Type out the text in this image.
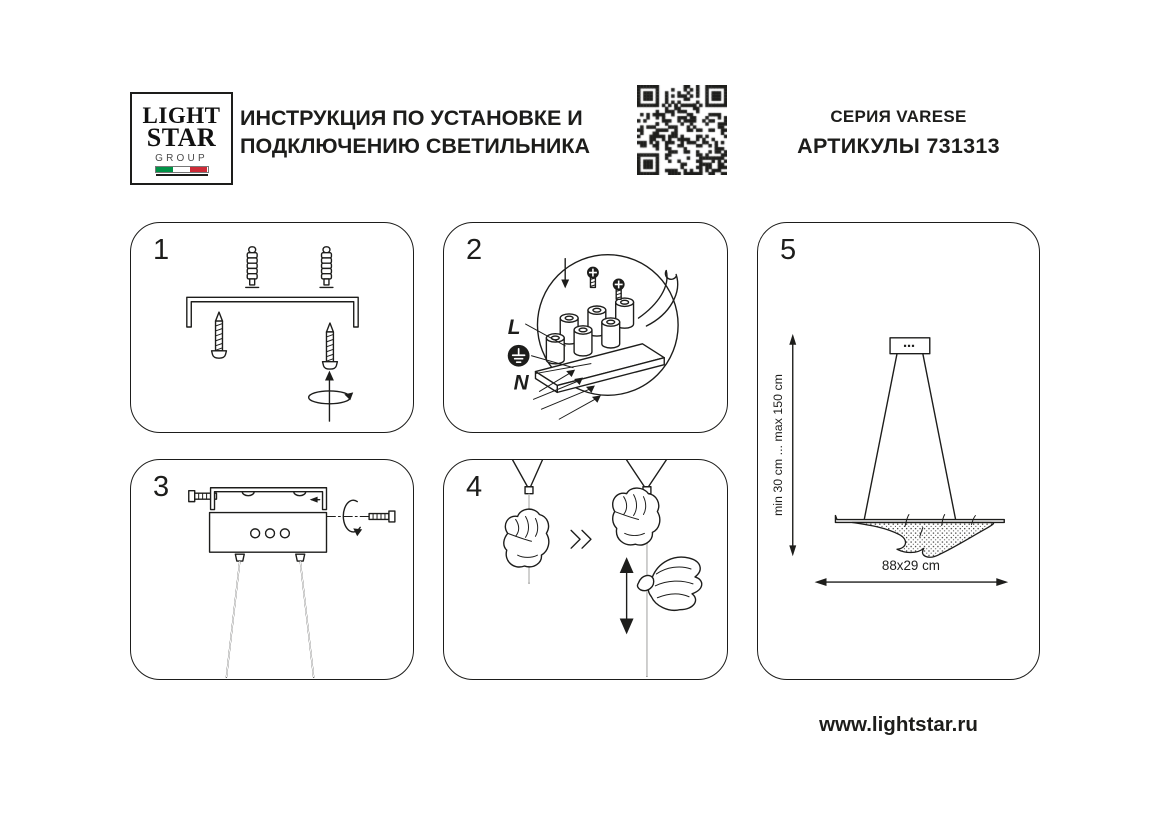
LIGHT
STAR
GROUP
ИНСТРУКЦИЯ ПО УСТАНОВКЕ И
ПОДКЛЮЧЕНИЮ СВЕТИЛЬНИКА
СЕРИЯ VARESE
АРТИКУЛЫ 731313
1
L
N
2
3	4	min 30 cm ... max 150 cm
88x29 cm
5
www.lightstar.ru
